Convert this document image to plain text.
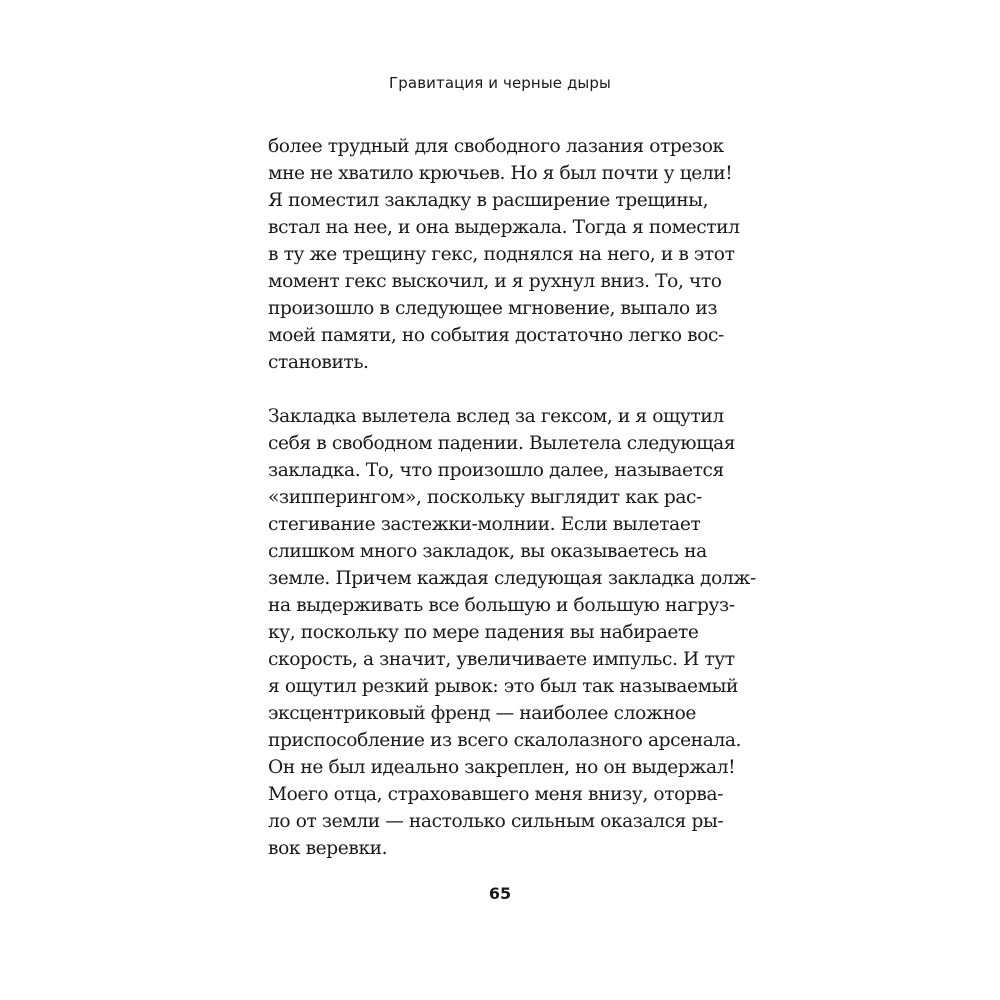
Гравитация и черные дыры

более трудный для свободного лазания отрезок
мне не хватило крючьев. Но я был почти у цели!
Я поместил закладку в расширение трещины,
встал на нее, и она выдержала. Тогда я поместил
в ту же трещину гекс, поднялся на него, и в этот
момент гекс выскочил, и я рухнул вниз. То, что
произошло в следующее мгновение, выпало из
моей памяти, но события достаточно легко вос-
становить.

Закладка вылетела вслед за гексом, и я ощутил
себя в свободном падении. Вылетела следующая
закладка. То, что произошло далее, называется
«зиппeрингом», поскольку выглядит как рас-
стегивание застежки-молнии. Если вылетает
слишком много закладок, вы оказываетесь на
земле. Причем каждая следующая закладка долж-
на выдерживать все большую и большую нагруз-
ку, поскольку по мере падения вы набираете
скорость, а значит, увеличиваете импульс. И тут
я ощутил резкий рывок: это был так называемый
эксцентриковый френд — наиболее сложное
приспособление из всего скалолазного арсенала.
Он не был идеально закреплен, но он выдержал!
Моего отца, страховавшего меня внизу, оторва-
ло от земли — настолько сильным оказался ры-
вок веревки.

65
